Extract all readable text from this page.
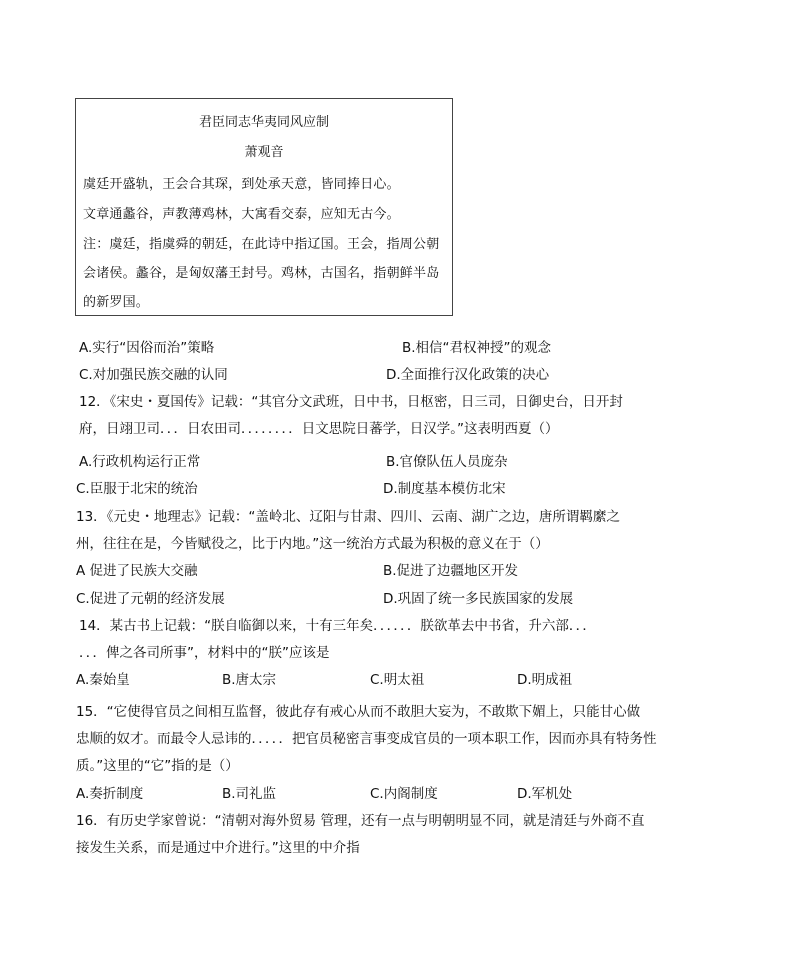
君臣同志华夷同风应制
萧观音
虞廷开盛轨，王会合其琛，到处承天意，皆同捧日心。
文章通蠡谷，声教薄鸡林，大寓看交泰，应知无古今。
注：虞廷，指虞舜的朝廷，在此诗中指辽国。王会，指周公朝
会诸侯。蠡谷，是匈奴藩王封号。鸡林，古国名，指朝鲜半岛
的新罗国。
A.实行“因俗而治”策略	B.相信“君权神授”的观念
C.对加强民族交融的认同	D.全面推行汉化政策的决心
12．《宋史・夏国传》记载：“其官分文武班，日中书，日枢密，日三司，日御史台，日开封
府，日翊卫司．．．日农田司．．．．．．．．日文思院日蕃学，日汉学。”这表明西夏（）
A.行政机构运行正常	B.官僚队伍人员庞杂
C.臣服于北宋的统治	D.制度基本模仿北宋
13．《元史・地理志》记载：“盖岭北、辽阳与甘肃、四川、云南、湖广之边，唐所谓羁縻之
州，往往在是，今皆赋役之，比于内地。”这一统治方式最为积极的意义在于（）
A 促进了民族大交融	B.促进了边疆地区开发
C.促进了元朝的经济发展	D.巩固了统一多民族国家的发展
14．某古书上记载：“朕自临御以来，十有三年矣．．．．．．朕欲革去中书省，升六部．．．
．．．俾之各司所事”，材料中的“朕”应该是
A.秦始皇	B.唐太宗	C.明太祖	D.明成祖
15．“它使得官员之间相互监督，彼此存有戒心从而不敢胆大妄为，不敢欺下媚上，只能甘心做
忠顺的奴才。而最令人忌讳的．．．．．把官员秘密言事变成官员的一项本职工作，因而亦具有特务性
质。”这里的“它”指的是（）
A.奏折制度	B.司礼监	C.内阁制度	D.军机处
16．有历史学家曾说：“清朝对海外贸易 管理，还有一点与明朝明显不同，就是清廷与外商不直
接发生关系，而是通过中介进行。”这里的中介指
